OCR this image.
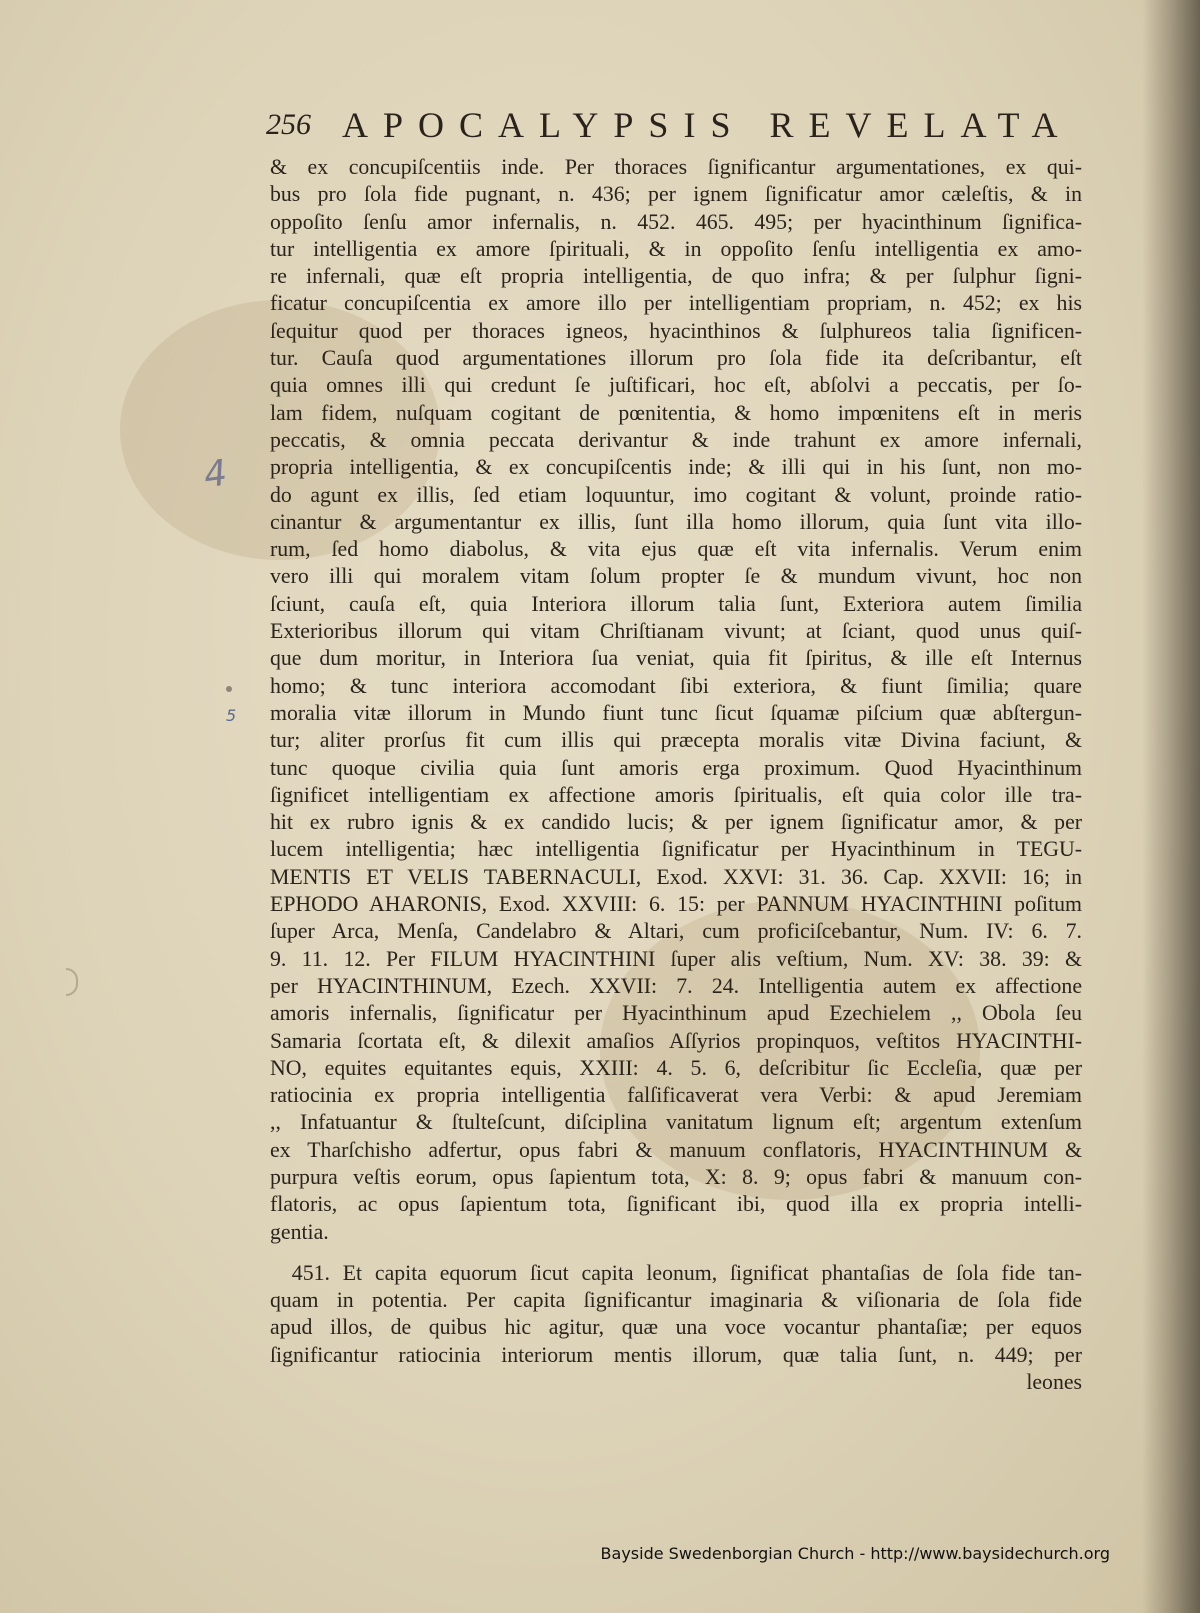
256 APOCALYPSIS REVELATA
& ex concupiſcentiis inde. Per thoraces ſignificantur argumentationes, ex qui-
bus pro ſola fide pugnant, n. 436; per ignem ſignificatur amor cæleſtis, & in
oppoſito ſenſu amor infernalis, n. 452. 465. 495; per hyacinthinum ſignifica-
tur intelligentia ex amore ſpirituali, & in oppoſito ſenſu intelligentia ex amo-
re infernali, quæ eſt propria intelligentia, de quo infra; & per ſulphur ſigni-
ficatur concupiſcentia ex amore illo per intelligentiam propriam, n. 452; ex his
ſequitur quod per thoraces igneos, hyacinthinos & ſulphureos talia ſignificen-
tur. Cauſa quod argumentationes illorum pro ſola fide ita deſcribantur, eſt
quia omnes illi qui credunt ſe juſtificari, hoc eſt, abſolvi a peccatis, per ſo-
lam fidem, nuſquam cogitant de pœnitentia, & homo impœnitens eſt in meris
peccatis, & omnia peccata derivantur & inde trahunt ex amore infernali,
propria intelligentia, & ex concupiſcentis inde; & illi qui in his ſunt, non mo-
do agunt ex illis, ſed etiam loquuntur, imo cogitant & volunt, proinde ratio-
cinantur & argumentantur ex illis, ſunt illa homo illorum, quia ſunt vita illo-
rum, ſed homo diabolus, & vita ejus quæ eſt vita infernalis. Verum enim
vero illi qui moralem vitam ſolum propter ſe & mundum vivunt, hoc non
ſciunt, cauſa eſt, quia Interiora illorum talia ſunt, Exteriora autem ſimilia
Exterioribus illorum qui vitam Chriſtianam vivunt; at ſciant, quod unus quiſ-
que dum moritur, in Interiora ſua veniat, quia fit ſpiritus, & ille eſt Internus
homo; & tunc interiora accomodant ſibi exteriora, & fiunt ſimilia; quare
moralia vitæ illorum in Mundo fiunt tunc ſicut ſquamæ piſcium quæ abſtergun-
tur; aliter prorſus fit cum illis qui præcepta moralis vitæ Divina faciunt, &
tunc quoque civilia quia ſunt amoris erga proximum. Quod Hyacinthinum
ſignificet intelligentiam ex affectione amoris ſpiritualis, eſt quia color ille tra-
hit ex rubro ignis & ex candido lucis; & per ignem ſignificatur amor, & per
lucem intelligentia; hæc intelligentia ſignificatur per Hyacinthinum in TEGU-
MENTIS ET VELIS TABERNACULI, Exod. XXVI: 31. 36. Cap. XXVII: 16; in
EPHODO AHARONIS, Exod. XXVIII: 6. 15: per PANNUM HYACINTHINI poſitum
ſuper Arca, Menſa, Candelabro & Altari, cum proficiſcebantur, Num. IV: 6. 7.
9. 11. 12. Per FILUM HYACINTHINI ſuper alis veſtium, Num. XV: 38. 39: &
per HYACINTHINUM, Ezech. XXVII: 7. 24. Intelligentia autem ex affectione
amoris infernalis, ſignificatur per Hyacinthinum apud Ezechielem ,, Obola ſeu
Samaria ſcortata eſt, & dilexit amaſios Aſſyrios propinquos, veſtitos HYACINTHI-
NO, equites equitantes equis, XXIII: 4. 5. 6, deſcribitur ſic Eccleſia, quæ per
ratiocinia ex propria intelligentia falſificaverat vera Verbi: & apud Jeremiam
,, Infatuantur & ſtulteſcunt, diſciplina vanitatum lignum eſt; argentum extenſum
ex Tharſchisho adfertur, opus fabri & manuum conflatoris, HYACINTHINUM &
purpura veſtis eorum, opus ſapientum tota, X: 8. 9; opus fabri & manuum con-
flatoris, ac opus ſapientum tota, ſignificant ibi, quod illa ex propria intelli-
gentia.
 451. Et capita equorum ſicut capita leonum, ſignificat phantaſias de ſola fide tan-
quam in potentia. Per capita ſignificantur imaginaria & viſionaria de ſola fide
apud illos, de quibus hic agitur, quæ una voce vocantur phantaſiæ; per equos
ſignificantur ratiocinia interiorum mentis illorum, quæ talia ſunt, n. 449; per
leones
4
5
Bayside Swedenborgian Church - http://www.baysidechurch.org
